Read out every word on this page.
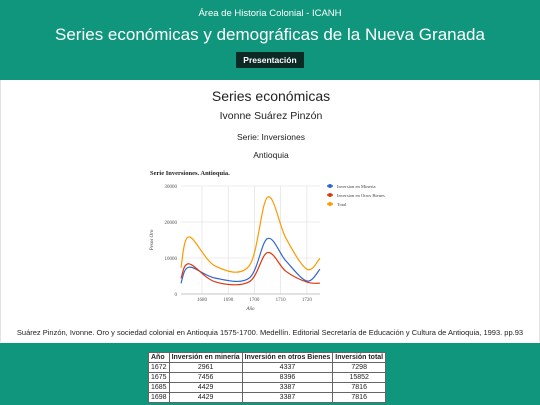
Área de Historia Colonial - ICANH
Series económicas y demográficas de la Nueva Granada
Presentación
Series económicas
Ivonne Suárez Pinzón
Serie: Inversiones
Antioquia
Serie Inversiones. Antioquia.
0
10000
20000
30000
1680	1690	1700	1710	1720
Año
Pesos Oro
Inversion en Mineria
Inversion en Otros Bienes
Total
Suárez Pinzón, Ivonne. Oro y sociedad colonial en Antioquia 1575-1700. Medellín. Editorial Secretaría de Educación y Cultura de Antioquia, 1993. pp.93
Año	Inversión en minería	Inversión en otros Bienes	Inversión total
1672	2961	4337	7298
1675	7456	8396	15852
1685	4429	3387	7816
1698	4429	3387	7816
